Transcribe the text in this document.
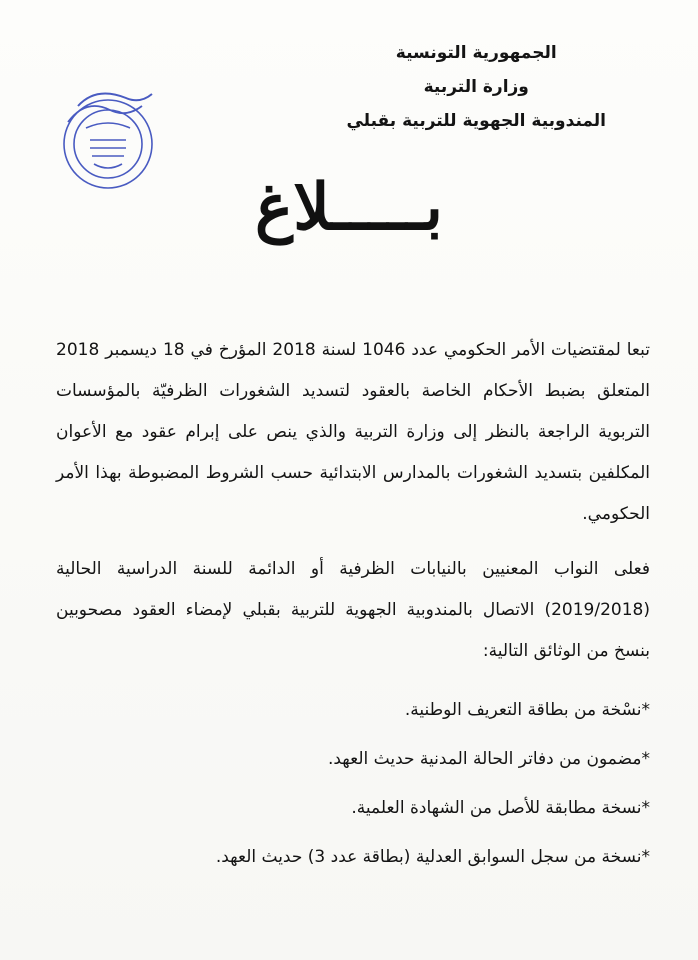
الجمهورية التونسية
وزارة التربية
المندوبية الجهوية للتربية بقبلي
بـــــلاغ

تبعا لمقتضيات الأمر الحكومي عدد 1046 لسنة 2018 المؤرخ في 18 ديسمبر 2018 المتعلق بضبط الأحكام الخاصة بالعقود لتسديد الشغورات الظرفيّة بالمؤسسات التربوية الراجعة بالنظر إلى وزارة التربية والذي ينص على إبرام عقود مع الأعوان المكلفين بتسديد الشغورات بالمدارس الابتدائية حسب الشروط المضبوطة بهذا الأمر الحكومي.

فعلى النواب المعنيين بالنيابات الظرفية أو الدائمة للسنة الدراسية الحالية (2019/2018) الاتصال بالمندوبية الجهوية للتربية بقبلي لإمضاء العقود مصحوبين بنسخ من الوثائق التالية:

*نسْخة من بطاقة التعريف الوطنية.
*مضمون من دفاتر الحالة المدنية حديث العهد.
*نسخة مطابقة للأصل من الشهادة العلمية.
*نسخة من سجل السوابق العدلية (بطاقة عدد 3) حديث العهد.
